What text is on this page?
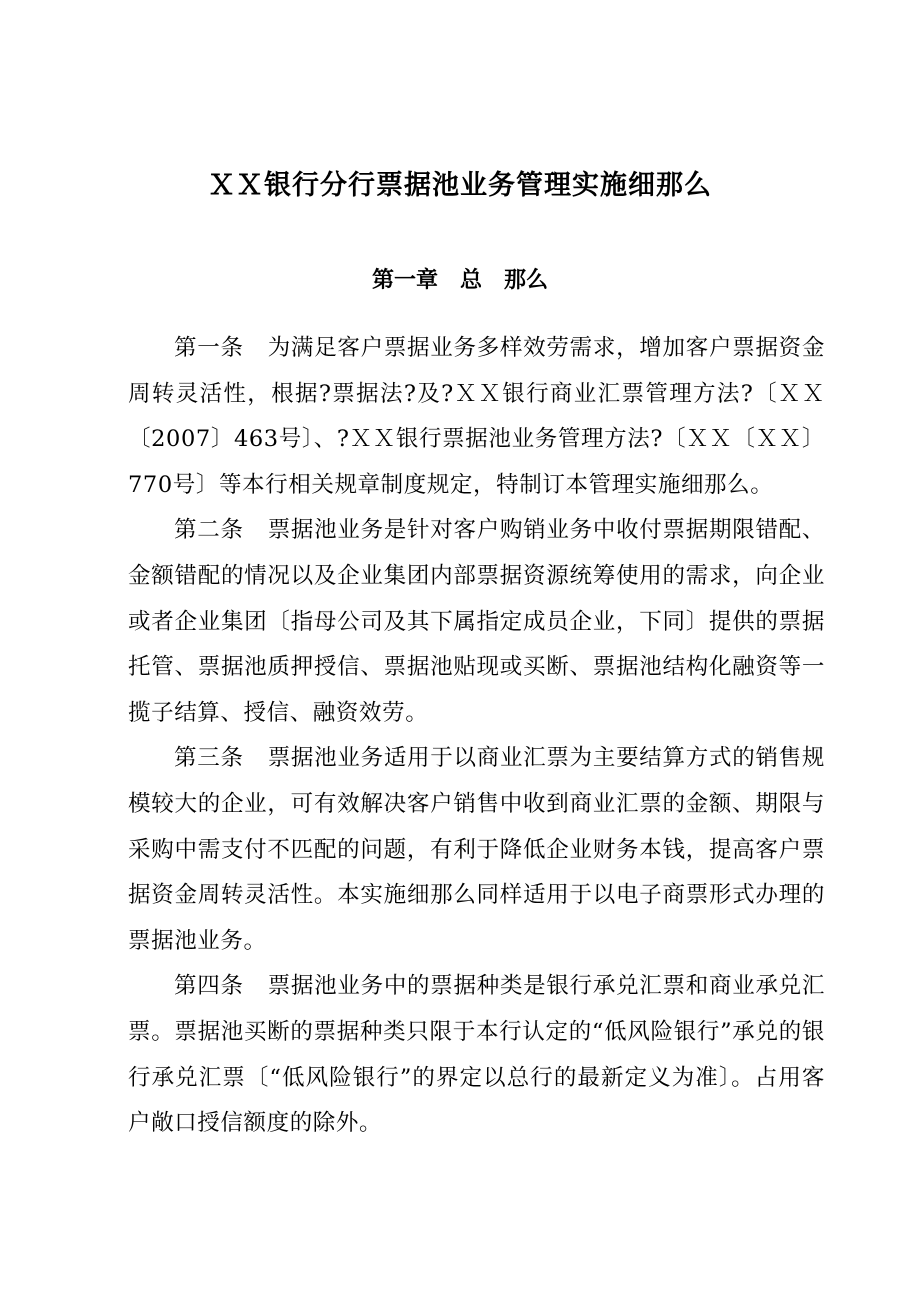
ＸＸ银行分行票据池业务管理实施细那么
第一章　总　那么

第一条 为满足客户票据业务多样效劳需求，增加客户票据资金周转灵活性，根据?票据法?及?ＸＸ银行商业汇票管理方法?〔ＸＸ〔2007〕463号〕、?ＸＸ银行票据池业务管理方法?〔ＸＸ〔ＸＸ〕770号〕等本行相关规章制度规定，特制订本管理实施细那么。

第二条 票据池业务是针对客户购销业务中收付票据期限错配、金额错配的情况以及企业集团内部票据资源统筹使用的需求，向企业或者企业集团〔指母公司及其下属指定成员企业，下同〕提供的票据托管、票据池质押授信、票据池贴现或买断、票据池结构化融资等一揽子结算、授信、融资效劳。

第三条 票据池业务适用于以商业汇票为主要结算方式的销售规模较大的企业，可有效解决客户销售中收到商业汇票的金额、期限与采购中需支付不匹配的问题，有利于降低企业财务本钱，提高客户票据资金周转灵活性。本实施细那么同样适用于以电子商票形式办理的票据池业务。

第四条 票据池业务中的票据种类是银行承兑汇票和商业承兑汇票。票据池买断的票据种类只限于本行认定的“低风险银行”承兑的银行承兑汇票〔“低风险银行”的界定以总行的最新定义为准〕。占用客户敞口授信额度的除外。
